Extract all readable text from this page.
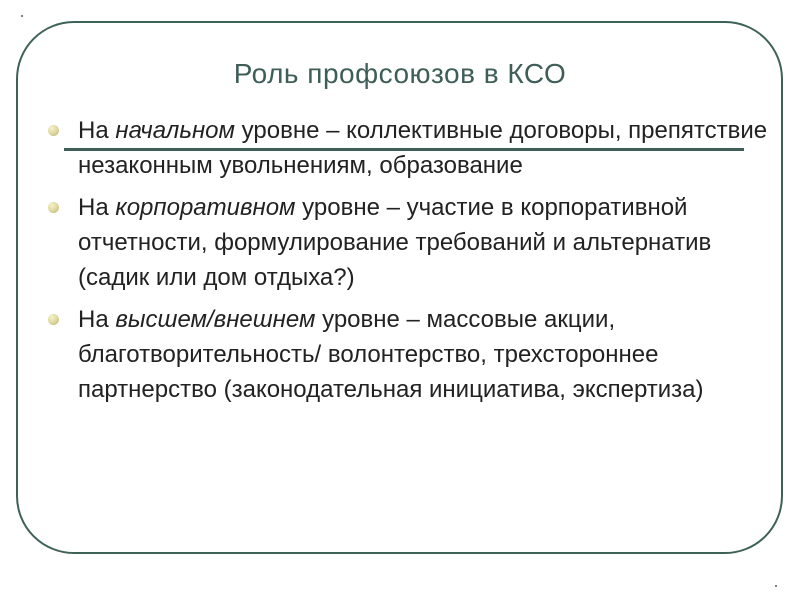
Роль профсоюзов в КСО
На начальном уровне – коллективные договоры, препятствие незаконным увольнениям, образование
На корпоративном уровне – участие в корпоративной отчетности, формулирование требований и альтернатив (садик или дом отдыха?)
На высшем/внешнем уровне – массовые акции, благотворительность/ волонтерство, трехстороннее партнерство (законодательная инициатива, экспертиза)
